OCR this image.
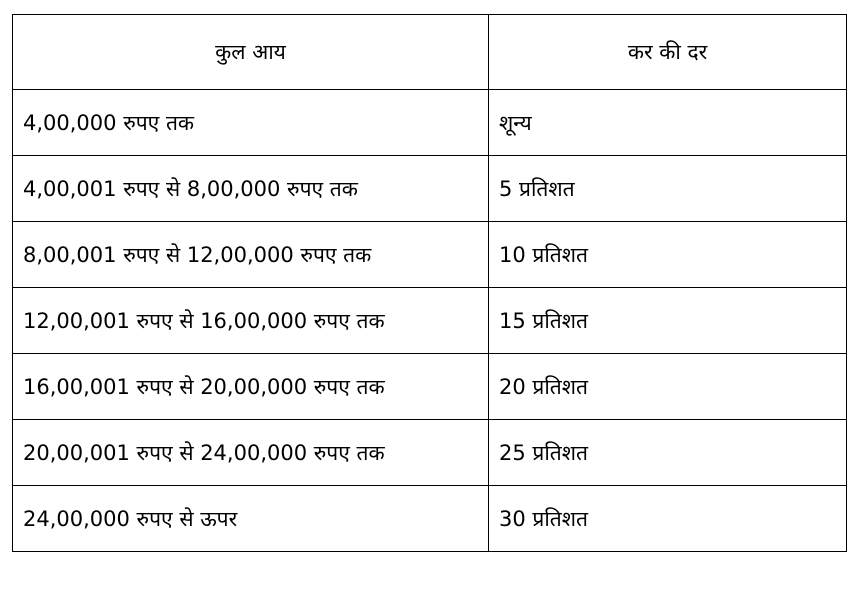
कुल आय	कर की दर
4,00,000 रुपए तक	शून्य
4,00,001 रुपए से 8,00,000 रुपए तक	5 प्रतिशत
8,00,001 रुपए से 12,00,000 रुपए तक	10 प्रतिशत
12,00,001 रुपए से 16,00,000 रुपए तक	15 प्रतिशत
16,00,001 रुपए से 20,00,000 रुपए तक	20 प्रतिशत
20,00,001 रुपए से 24,00,000 रुपए तक	25 प्रतिशत
24,00,000 रुपए से ऊपर	30 प्रतिशत
